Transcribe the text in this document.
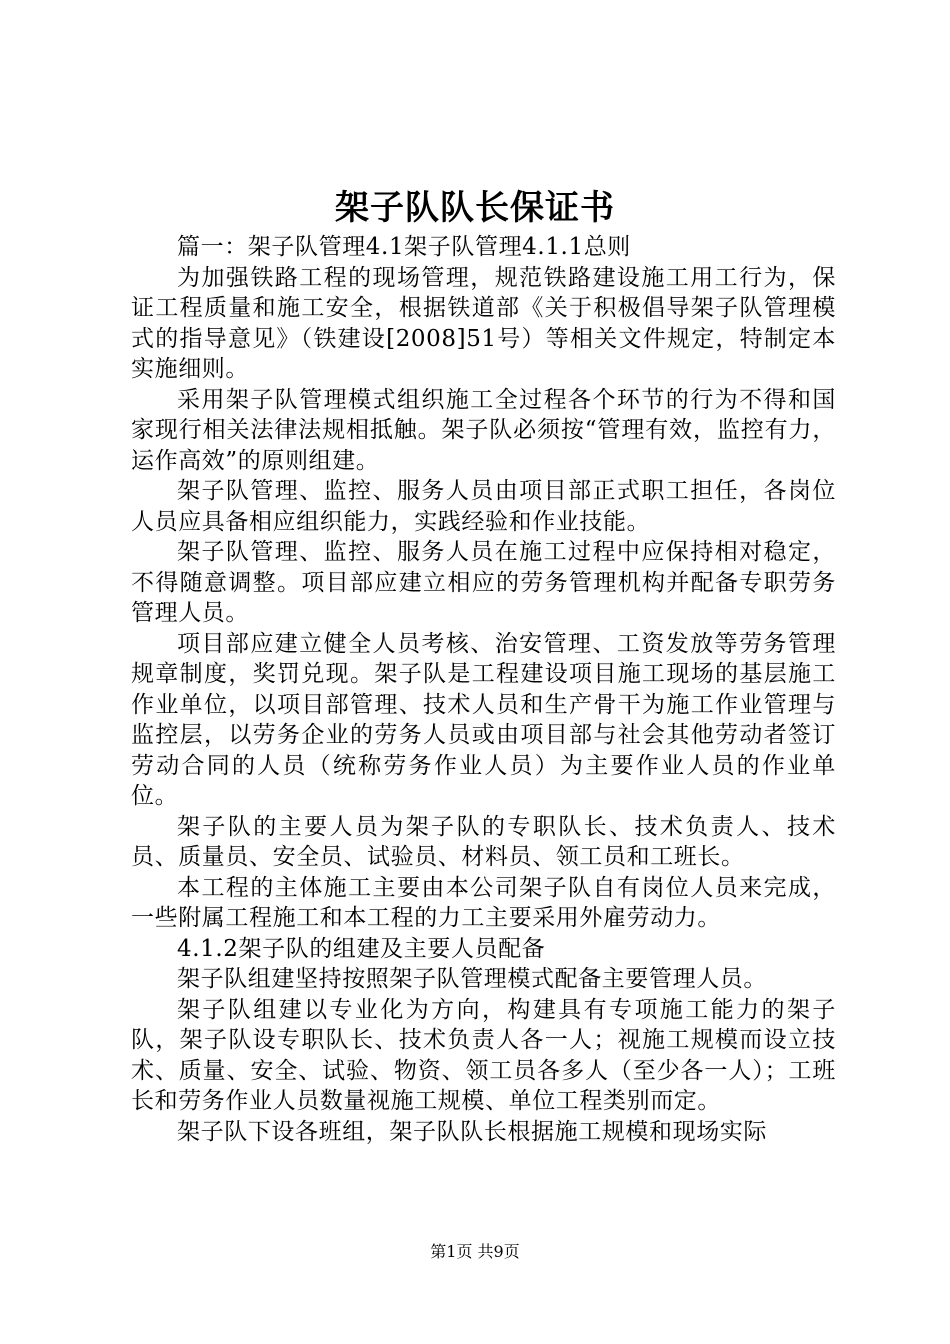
架子队队长保证书

篇一：架子队管理4.1架子队管理4.1.1总则

为加强铁路工程的现场管理，规范铁路建设施工用工行为，保证工程质量和施工安全，根据铁道部《关于积极倡导架子队管理模式的指导意见》（铁建设[2008]51号）等相关文件规定，特制定本实施细则。

采用架子队管理模式组织施工全过程各个环节的行为不得和国家现行相关法律法规相抵触。架子队必须按“管理有效，监控有力，运作高效”的原则组建。

架子队管理、监控、服务人员由项目部正式职工担任，各岗位人员应具备相应组织能力，实践经验和作业技能。

架子队管理、监控、服务人员在施工过程中应保持相对稳定，不得随意调整。项目部应建立相应的劳务管理机构并配备专职劳务管理人员。

项目部应建立健全人员考核、治安管理、工资发放等劳务管理规章制度，奖罚兑现。架子队是工程建设项目施工现场的基层施工作业单位，以项目部管理、技术人员和生产骨干为施工作业管理与监控层，以劳务企业的劳务人员或由项目部与社会其他劳动者签订劳动合同的人员（统称劳务作业人员）为主要作业人员的作业单位。

架子队的主要人员为架子队的专职队长、技术负责人、技术员、质量员、安全员、试验员、材料员、领工员和工班长。

本工程的主体施工主要由本公司架子队自有岗位人员来完成，一些附属工程施工和本工程的力工主要采用外雇劳动力。

4.1.2架子队的组建及主要人员配备

架子队组建坚持按照架子队管理模式配备主要管理人员。

架子队组建以专业化为方向，构建具有专项施工能力的架子队，架子队设专职队长、技术负责人各一人；视施工规模而设立技术、质量、安全、试验、物资、领工员各多人（至少各一人）；工班长和劳务作业人员数量视施工规模、单位工程类别而定。

架子队下设各班组，架子队队长根据施工规模和现场实际

第1页 共9页
